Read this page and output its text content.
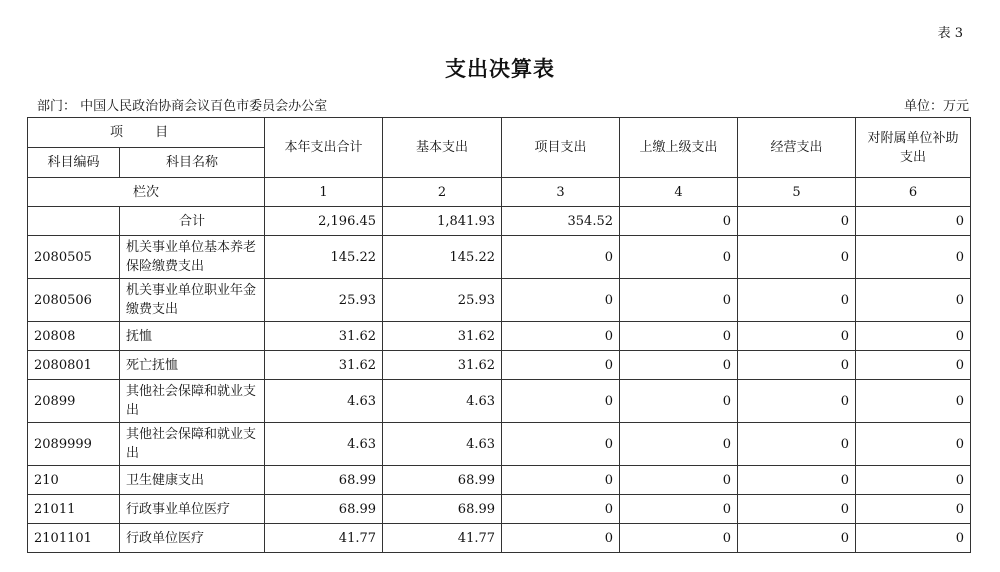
表 3
支出决算表
部门： 中国人民政治协商会议百色市委员会办公室	单位：万元
项 目		本年支出合计	基本支出	项目支出	上缴上级支出	经营支出	对附属单位补助支出
科目编码	科目名称						
栏次		1	2	3	4	5	6
	合计	2,196.45	1,841.93	354.52	0	0	0
2080505	机关事业单位基本养老保险缴费支出	145.22	145.22	0	0	0	0
2080506	机关事业单位职业年金缴费支出	25.93	25.93	0	0	0	0
20808	抚恤	31.62	31.62	0	0	0	0
2080801	死亡抚恤	31.62	31.62	0	0	0	0
20899	其他社会保障和就业支出	4.63	4.63	0	0	0	0
2089999	其他社会保障和就业支出	4.63	4.63	0	0	0	0
210	卫生健康支出	68.99	68.99	0	0	0	0
21011	行政事业单位医疗	68.99	68.99	0	0	0	0
2101101	行政单位医疗	41.77	41.77	0	0	0	0
